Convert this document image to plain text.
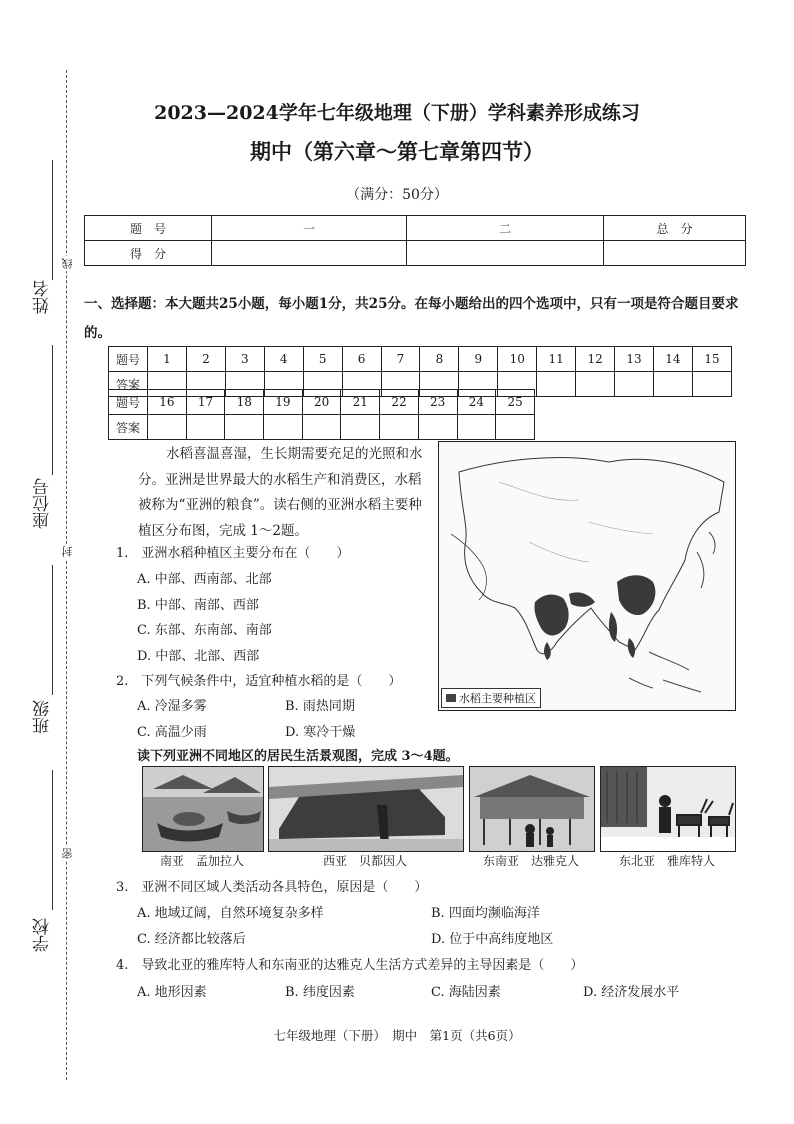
姓名
座位号
班级
学校
线
封
密
2023—2024学年七年级地理（下册）学科素养形成练习
期中（第六章～第七章第四节）
（满分：50分）
题　号	一	二	总　分
得　分			
一、选择题：本大题共25小题，每小题1分，共25分。在每小题给出的四个选项中，只有一项是符合题目要求的。
题号	1	2	3	4	5	6	7	8	9	10	11	12	13	14	15
答案															
题号	16	17	18	19	20	21	22	23	24	25
答案										

水稻喜温喜湿，生长期需要充足的光照和水分。亚洲是世界最大的水稻生产和消费区，水稻被称为“亚洲的粮食”。读右侧的亚洲水稻主要种植区分布图，完成 1～2题。

水稻主要种植区
1.　亚洲水稻种植区主要分布在（　　）
A. 中部、西南部、北部
B. 中部、南部、西部
C. 东部、东南部、南部
D. 中部、北部、西部
2.　下列气候条件中，适宜种植水稻的是（　　）
A. 冷湿多雾	B. 雨热同期
C. 高温少雨	D. 寒冷干燥
读下列亚洲不同地区的居民生活景观图，完成 3～4题。
南亚　孟加拉人	西亚　贝都因人	东南亚　达雅克人	东北亚　雅库特人
3.　亚洲不同区域人类活动各具特色，原因是（　　）
A. 地域辽阔，自然环境复杂多样	B. 四面均濒临海洋
C. 经济都比较落后	D. 位于中高纬度地区
4.　导致北亚的雅库特人和东南亚的达雅克人生活方式差异的主导因素是（　　）
A. 地形因素	B. 纬度因素	C. 海陆因素	D. 经济发展水平
七年级地理（下册）　期中　第1页（共6页）
